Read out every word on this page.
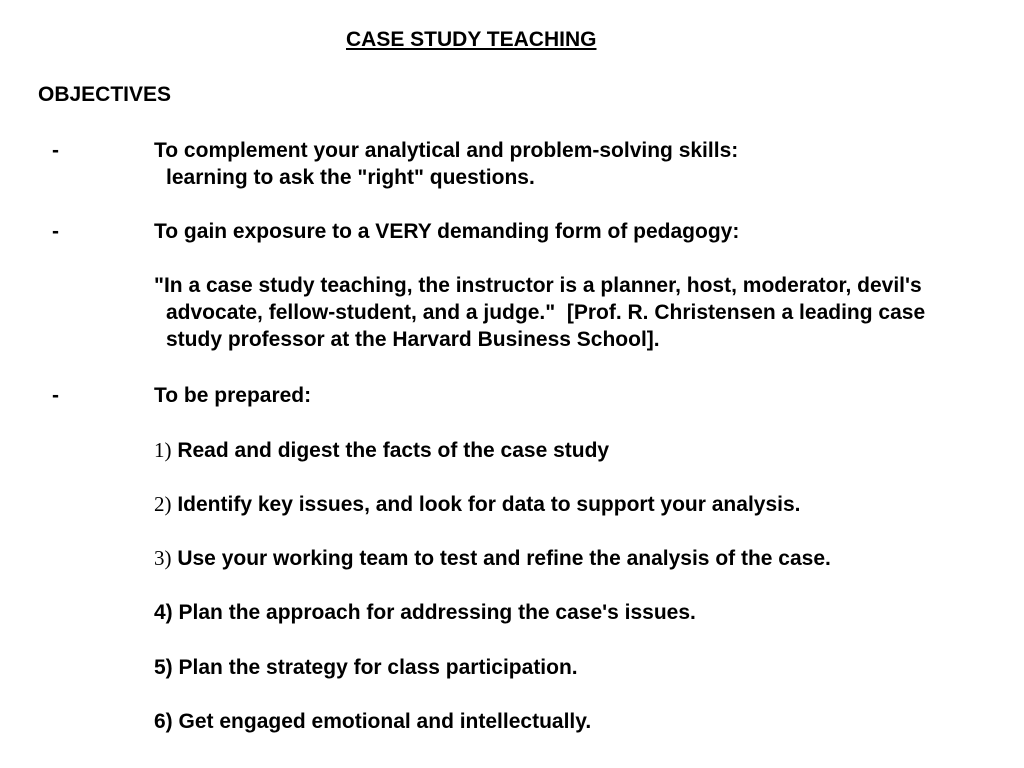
CASE STUDY TEACHING
OBJECTIVES
-	To complement your analytical and problem-solving skills:
learning to ask the "right" questions.
-	To gain exposure to a VERY demanding form of pedagogy:
"In a case study teaching, the instructor is a planner, host, moderator, devil's
advocate, fellow-student, and a judge."  [Prof. R. Christensen a leading case
study professor at the Harvard Business School].
-	To be prepared:
1) Read and digest the facts of the case study
2) Identify key issues, and look for data to support your analysis.
3) Use your working team to test and refine the analysis of the case.
4) Plan the approach for addressing the case's issues.
5) Plan the strategy for class participation.
6) Get engaged emotional and intellectually.
